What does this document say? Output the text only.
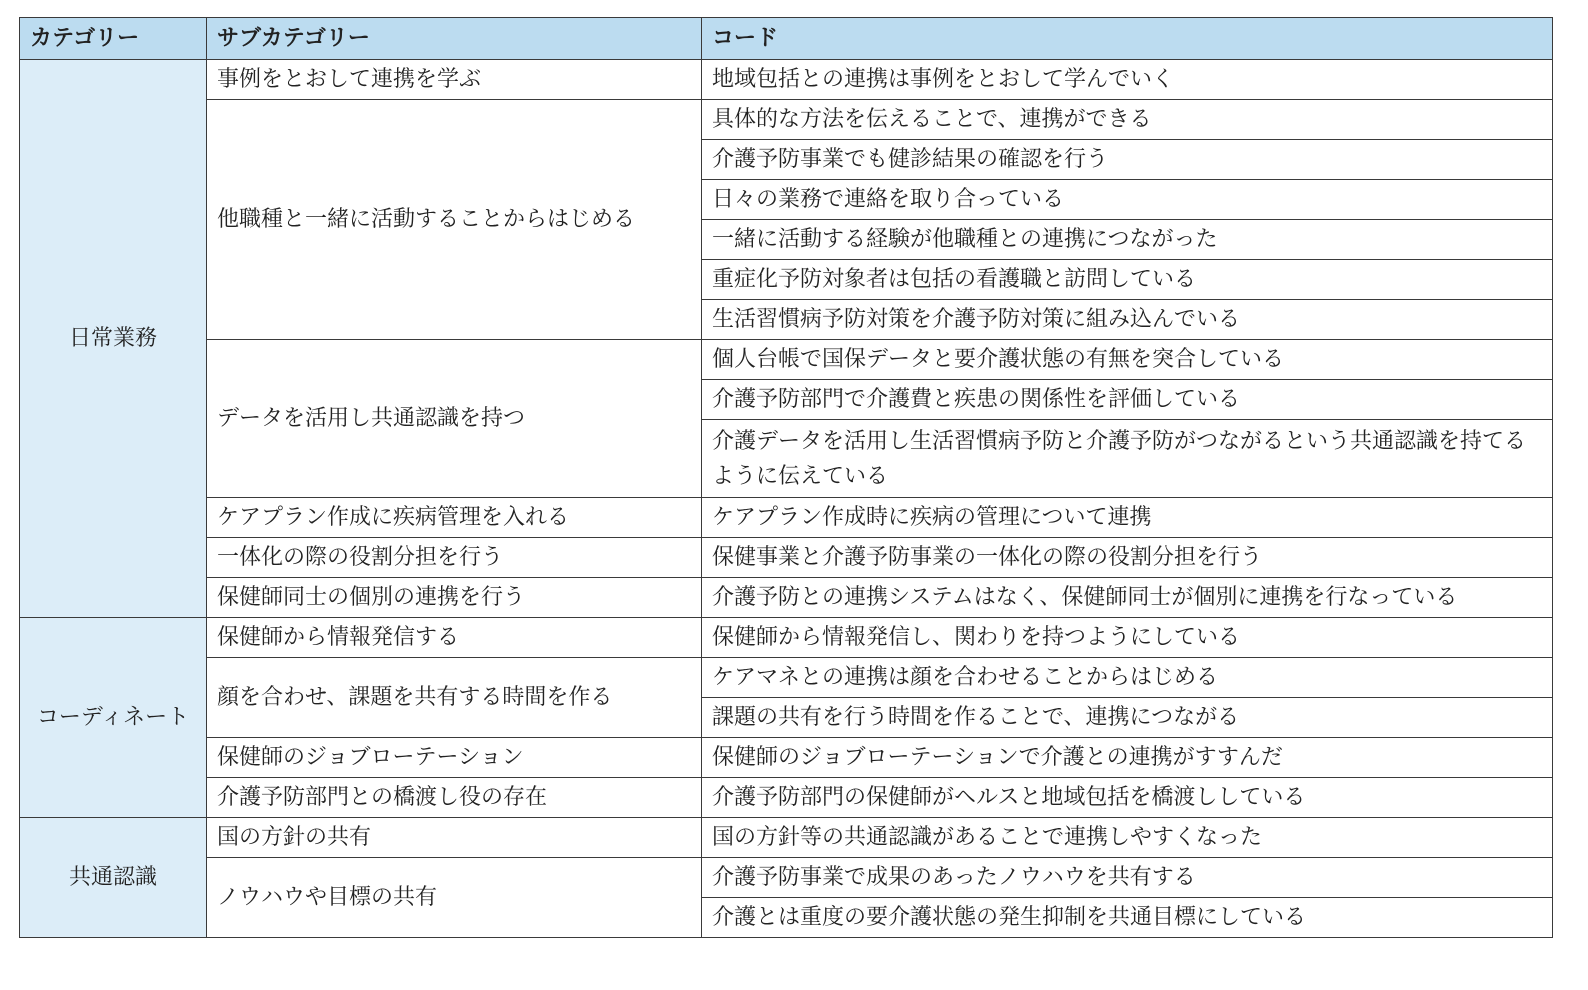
カテゴリー	サブカテゴリー	コード
日常業務	事例をとおして連携を学ぶ	地域包括との連携は事例をとおして学んでいく
	他職種と一緒に活動することからはじめる	具体的な方法を伝えることで、連携ができる
		介護予防事業でも健診結果の確認を行う
		日々の業務で連絡を取り合っている
		一緒に活動する経験が他職種との連携につながった
		重症化予防対象者は包括の看護職と訪問している
		生活習慣病予防対策を介護予防対策に組み込んでいる
	データを活用し共通認識を持つ	個人台帳で国保データと要介護状態の有無を突合している
		介護予防部門で介護費と疾患の関係性を評価している
		介護データを活用し生活習慣病予防と介護予防がつながるという共通認識を持てるように伝えている
	ケアプラン作成に疾病管理を入れる	ケアプラン作成時に疾病の管理について連携
	一体化の際の役割分担を行う	保健事業と介護予防事業の一体化の際の役割分担を行う
	保健師同士の個別の連携を行う	介護予防との連携システムはなく、保健師同士が個別に連携を行なっている
コーディネート	保健師から情報発信する	保健師から情報発信し、関わりを持つようにしている
	顔を合わせ、課題を共有する時間を作る	ケアマネとの連携は顔を合わせることからはじめる
		課題の共有を行う時間を作ることで、連携につながる
	保健師のジョブローテーション	保健師のジョブローテーションで介護との連携がすすんだ
	介護予防部門との橋渡し役の存在	介護予防部門の保健師がヘルスと地域包括を橋渡ししている
共通認識	国の方針の共有	国の方針等の共通認識があることで連携しやすくなった
	ノウハウや目標の共有	介護予防事業で成果のあったノウハウを共有する
		介護とは重度の要介護状態の発生抑制を共通目標にしている
